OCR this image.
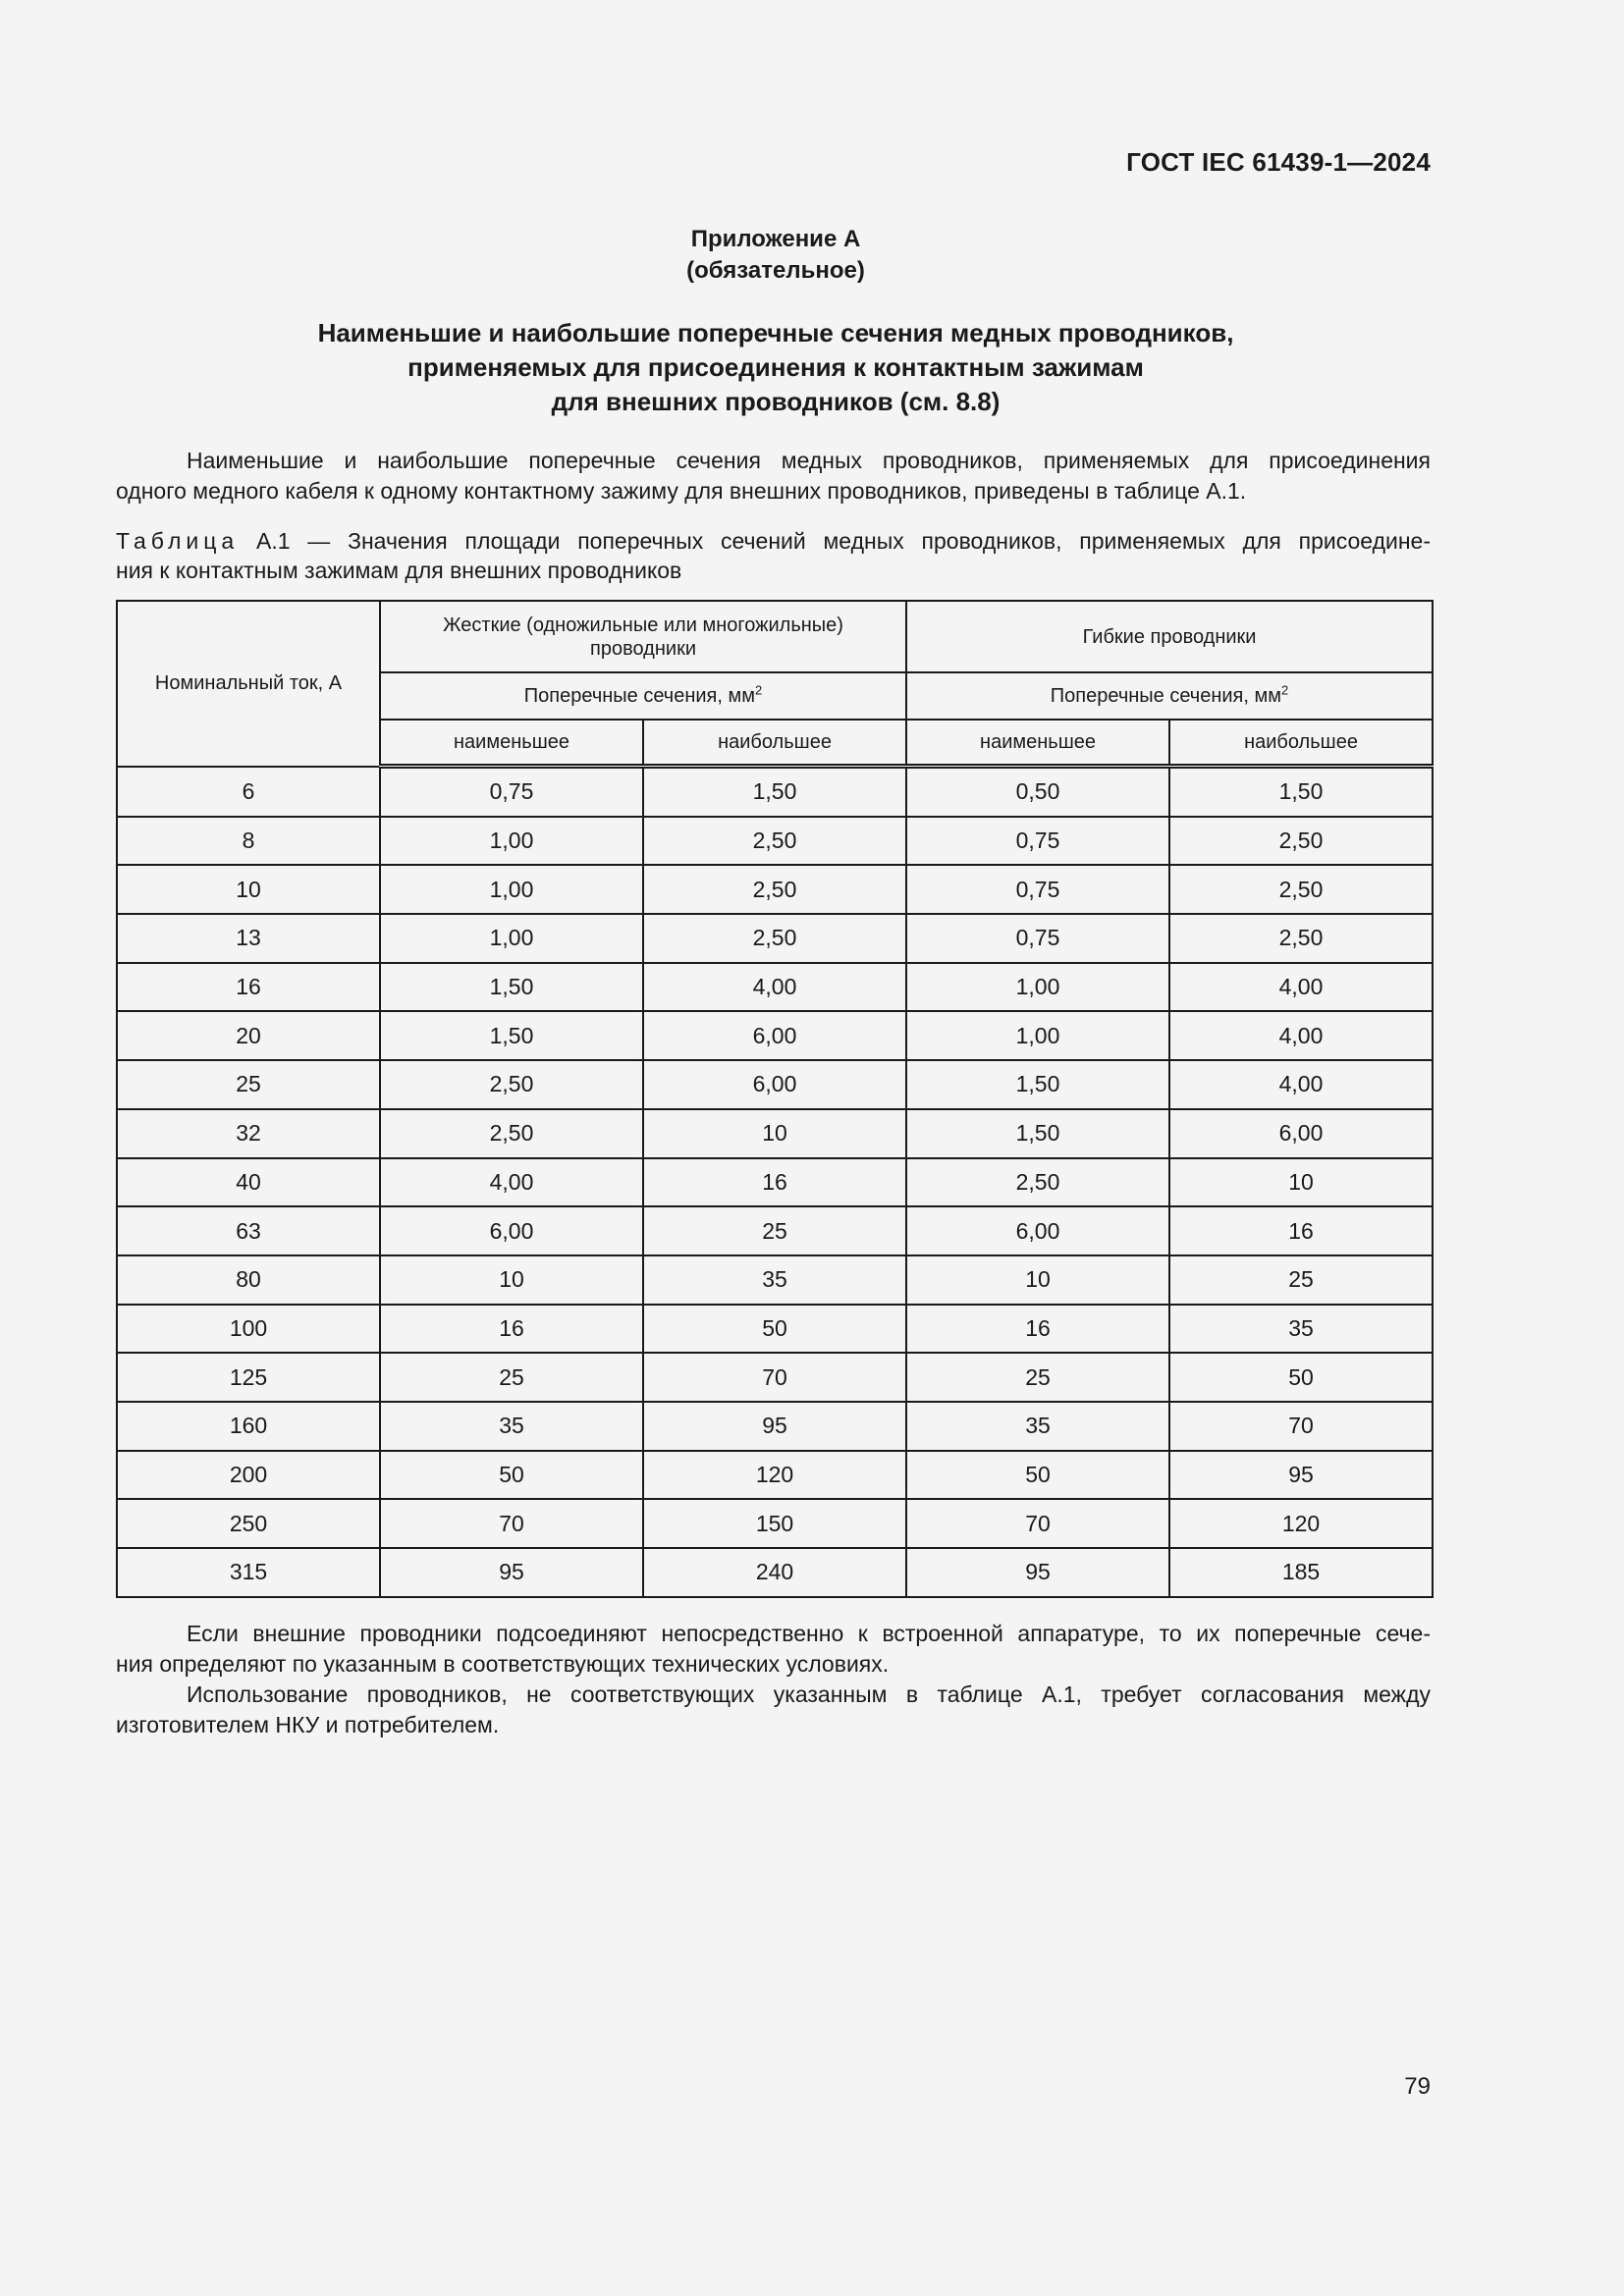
ГОСТ IEC 61439-1—2024
Приложение А
(обязательное)
Наименьшие и наибольшие поперечные сечения медных проводников,
применяемых для присоединения к контактным зажимам
для внешних проводников (см. 8.8)
Наименьшие и наибольшие поперечные сечения медных проводников, применяемых для присоединения
одного медного кабеля к одному контактному зажиму для внешних проводников, приведены в таблице А.1.
Таблица А.1 — Значения площади поперечных сечений медных проводников, применяемых для присоедине-
ния к контактным зажимам для внешних проводников
Номинальный ток, А	Жесткие (одножильные или многожильные) проводники		Гибкие проводники	
	Поперечные сечения, $мм^2$		Поперечные сечения, $мм^2$
	наименьшее	наибольшее	наименьшее	наибольшее
6	0,75	1,50	0,50	1,50
8	1,00	2,50	0,75	2,50
10	1,00	2,50	0,75	2,50
13	1,00	2,50	0,75	2,50
16	1,50	4,00	1,00	4,00
20	1,50	6,00	1,00	4,00
25	2,50	6,00	1,50	4,00
32	2,50	10	1,50	6,00
40	4,00	16	2,50	10
63	6,00	25	6,00	16
80	10	35	10	25
100	16	50	16	35
125	25	70	25	50
160	35	95	35	70
200	50	120	50	95
250	70	150	70	120
315	95	240	95	185
Если внешние проводники подсоединяют непосредственно к встроенной аппаратуре, то их поперечные сече-
ния определяют по указанным в соответствующих технических условиях.
Использование проводников, не соответствующих указанным в таблице А.1, требует согласования между
изготовителем НКУ и потребителем.
79
